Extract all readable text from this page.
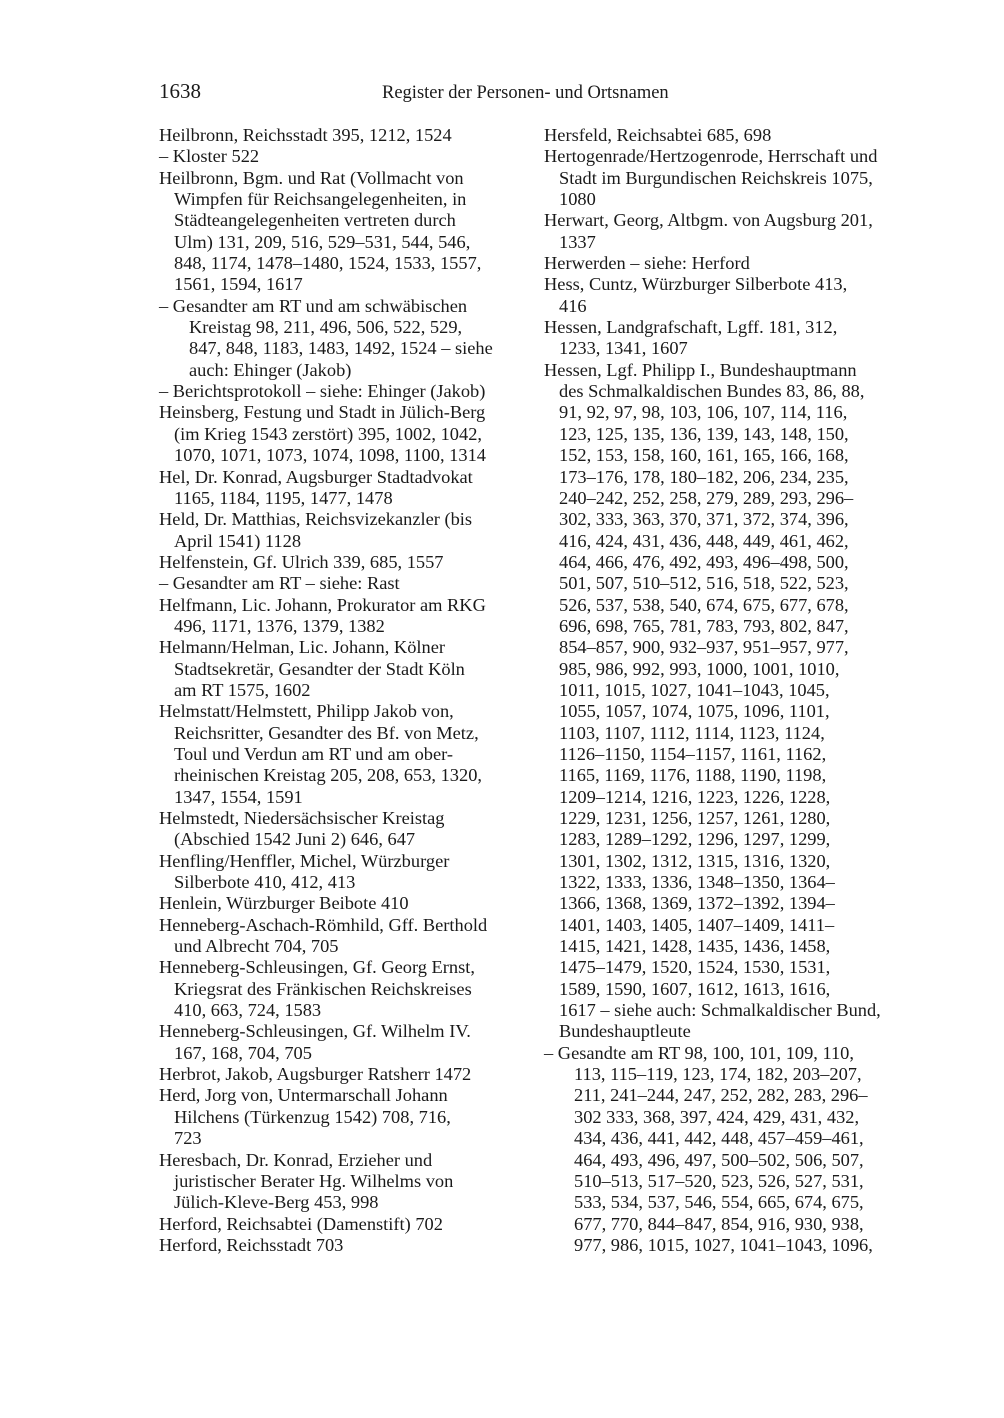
1638	Register der Personen- und Ortsnamen
Heilbronn, Reichsstadt 395, 1212, 1524
– Kloster 522
Heilbronn, Bgm. und Rat (Vollmacht von
Wimpfen für Reichsangelegenheiten, in
Städteangelegenheiten vertreten durch
Ulm) 131, 209, 516, 529–531, 544, 546,
848, 1174, 1478–1480, 1524, 1533, 1557,
1561, 1594, 1617
– Gesandter am RT und am schwäbischen
Kreistag 98, 211, 496, 506, 522, 529,
847, 848, 1183, 1483, 1492, 1524 – siehe
auch: Ehinger (Jakob)
– Berichtsprotokoll – siehe: Ehinger (Jakob)
Heinsberg, Festung und Stadt in Jülich-Berg
(im Krieg 1543 zerstört) 395, 1002, 1042,
1070, 1071, 1073, 1074, 1098, 1100, 1314
Hel, Dr. Konrad, Augsburger Stadtadvokat
1165, 1184, 1195, 1477, 1478
Held, Dr. Matthias, Reichsvizekanzler (bis
April 1541) 1128
Helfenstein, Gf. Ulrich 339, 685, 1557
– Gesandter am RT – siehe: Rast
Helfmann, Lic. Johann, Prokurator am RKG
496, 1171, 1376, 1379, 1382
Helmann/Helman, Lic. Johann, Kölner
Stadtsekretär, Gesandter der Stadt Köln
am RT 1575, 1602
Helmstatt/Helmstett, Philipp Jakob von,
Reichsritter, Gesandter des Bf. von Metz,
Toul und Verdun am RT und am ober-
rheinischen Kreistag 205, 208, 653, 1320,
1347, 1554, 1591
Helmstedt, Niedersächsischer Kreistag
(Abschied 1542 Juni 2) 646, 647
Henfling/Henffler, Michel, Würzburger
Silberbote 410, 412, 413
Henlein, Würzburger Beibote 410
Henneberg-Aschach-Römhild, Gff. Berthold
und Albrecht 704, 705
Henneberg-Schleusingen, Gf. Georg Ernst,
Kriegsrat des Fränkischen Reichskreises
410, 663, 724, 1583
Henneberg-Schleusingen, Gf. Wilhelm IV.
167, 168, 704, 705
Herbrot, Jakob, Augsburger Ratsherr 1472
Herd, Jorg von, Untermarschall Johann
Hilchens (Türkenzug 1542) 708, 716,
723
Heresbach, Dr. Konrad, Erzieher und
juristischer Berater Hg. Wilhelms von
Jülich-Kleve-Berg 453, 998
Herford, Reichsabtei (Damenstift) 702
Herford, Reichsstadt 703
Hersfeld, Reichsabtei 685, 698
Hertogenrade/Hertzogenrode, Herrschaft und
Stadt im Burgundischen Reichskreis 1075,
1080
Herwart, Georg, Altbgm. von Augsburg 201,
1337
Herwerden – siehe: Herford
Hess, Cuntz, Würzburger Silberbote 413,
416
Hessen, Landgrafschaft, Lgff. 181, 312,
1233, 1341, 1607
Hessen, Lgf. Philipp I., Bundeshauptmann
des Schmalkaldischen Bundes 83, 86, 88,
91, 92, 97, 98, 103, 106, 107, 114, 116,
123, 125, 135, 136, 139, 143, 148, 150,
152, 153, 158, 160, 161, 165, 166, 168,
173–176, 178, 180–182, 206, 234, 235,
240–242, 252, 258, 279, 289, 293, 296–
302, 333, 363, 370, 371, 372, 374, 396,
416, 424, 431, 436, 448, 449, 461, 462,
464, 466, 476, 492, 493, 496–498, 500,
501, 507, 510–512, 516, 518, 522, 523,
526, 537, 538, 540, 674, 675, 677, 678,
696, 698, 765, 781, 783, 793, 802, 847,
854–857, 900, 932–937, 951–957, 977,
985, 986, 992, 993, 1000, 1001, 1010,
1011, 1015, 1027, 1041–1043, 1045,
1055, 1057, 1074, 1075, 1096, 1101,
1103, 1107, 1112, 1114, 1123, 1124,
1126–1150, 1154–1157, 1161, 1162,
1165, 1169, 1176, 1188, 1190, 1198,
1209–1214, 1216, 1223, 1226, 1228,
1229, 1231, 1256, 1257, 1261, 1280,
1283, 1289–1292, 1296, 1297, 1299,
1301, 1302, 1312, 1315, 1316, 1320,
1322, 1333, 1336, 1348–1350, 1364–
1366, 1368, 1369, 1372–1392, 1394–
1401, 1403, 1405, 1407–1409, 1411–
1415, 1421, 1428, 1435, 1436, 1458,
1475–1479, 1520, 1524, 1530, 1531,
1589, 1590, 1607, 1612, 1613, 1616,
1617 – siehe auch: Schmalkaldischer Bund,
Bundeshauptleute
– Gesandte am RT 98, 100, 101, 109, 110,
113, 115–119, 123, 174, 182, 203–207,
211, 241–244, 247, 252, 282, 283, 296–
302 333, 368, 397, 424, 429, 431, 432,
434, 436, 441, 442, 448, 457–459–461,
464, 493, 496, 497, 500–502, 506, 507,
510–513, 517–520, 523, 526, 527, 531,
533, 534, 537, 546, 554, 665, 674, 675,
677, 770, 844–847, 854, 916, 930, 938,
977, 986, 1015, 1027, 1041–1043, 1096,
